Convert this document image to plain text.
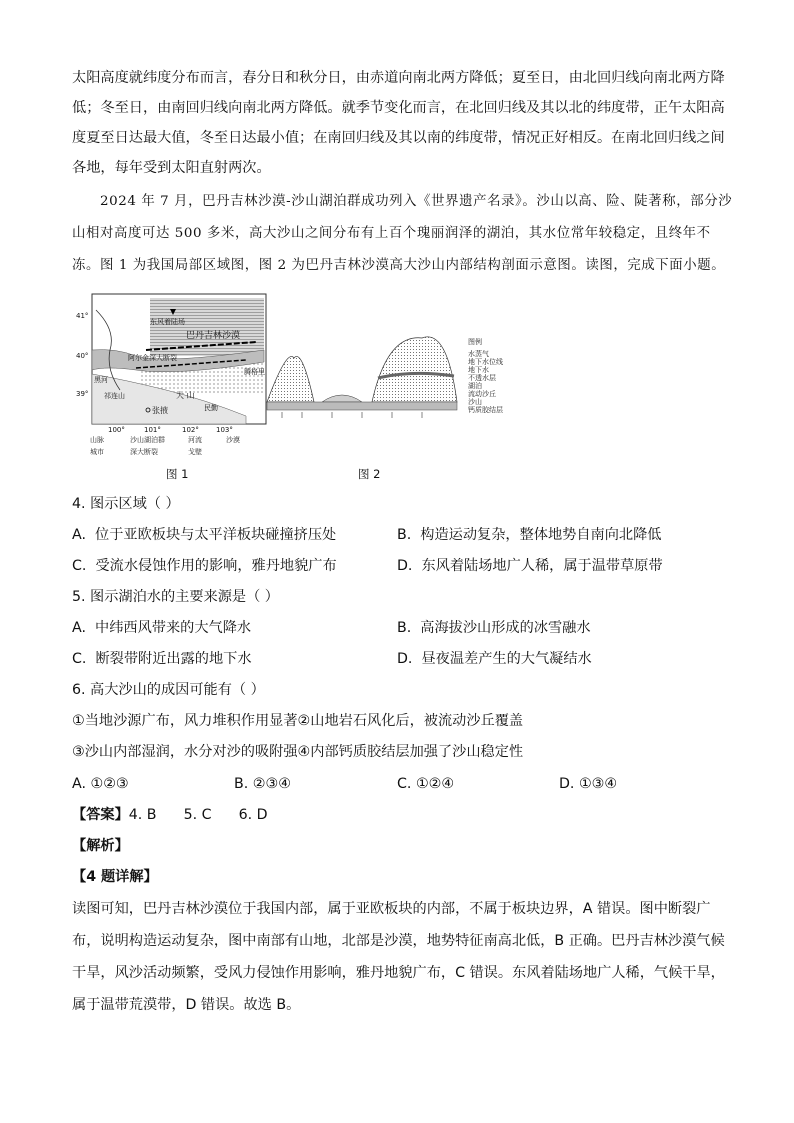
太阳高度就纬度分布而言，春分日和秋分日，由赤道向南北两方降低；夏至日，由北回归线向南北两方降
低；冬至日，由南回归线向南北两方降低。就季节变化而言，在北回归线及其以北的纬度带，正午太阳高
度夏至日达最大值，冬至日达最小值；在南回归线及其以南的纬度带，情况正好相反。在南北回归线之间
各地，每年受到太阳直射两次。
2024 年 7 月，巴丹吉林沙漠-沙山湖泊群成功列入《世界遗产名录》。沙山以高、险、陡著称，部分沙
山相对高度可达 500 多米，高大沙山之间分布有上百个瑰丽润泽的湖泊，其水位常年较稳定，且终年不
冻。图 1 为我国局部区域图，图 2 为巴丹吉林沙漠高大沙山内部结构剖面示意图。读图，完成下面小题。
东风着陆场
巴丹吉林沙漠
阿尔金深大断裂
祁连山
黑河
张掖
大 山
民勤
腾格里
41°
40°
39°
100°	101°	102° 103°
山脉	沙山湖泊群	河流	沙漠
城市	深大断裂	戈壁
图例
水蒸气
地下水位线
地下水
不透水层
湖泊
流动沙丘
沙山
钙质胶结层
图 1	图 2
4. 图示区域（ ）
A. 位于亚欧板块与太平洋板块碰撞挤压处	B. 构造运动复杂，整体地势自南向北降低
C. 受流水侵蚀作用的影响，雅丹地貌广布	D. 东风着陆场地广人稀，属于温带草原带
5. 图示湖泊水的主要来源是（ ）
A. 中纬西风带来的大气降水	B. 高海拔沙山形成的冰雪融水
C. 断裂带附近出露的地下水	D. 昼夜温差产生的大气凝结水
6. 高大沙山的成因可能有（ ）
①当地沙源广布，风力堆积作用显著②山地岩石风化后，被流动沙丘覆盖
③沙山内部湿润，水分对沙的吸附强④内部钙质胶结层加强了沙山稳定性
A. ①②③	B. ②③④	C. ①②④	D. ①③④
【答案】4. B      5. C      6. D
【解析】
【4 题详解】
读图可知，巴丹吉林沙漠位于我国内部，属于亚欧板块的内部，不属于板块边界，A 错误。图中断裂广
布，说明构造运动复杂，图中南部有山地，北部是沙漠，地势特征南高北低，B 正确。巴丹吉林沙漠气候
干旱，风沙活动频繁，受风力侵蚀作用影响，雅丹地貌广布，C 错误。东风着陆场地广人稀，气候干旱，
属于温带荒漠带，D 错误。故选 B。
